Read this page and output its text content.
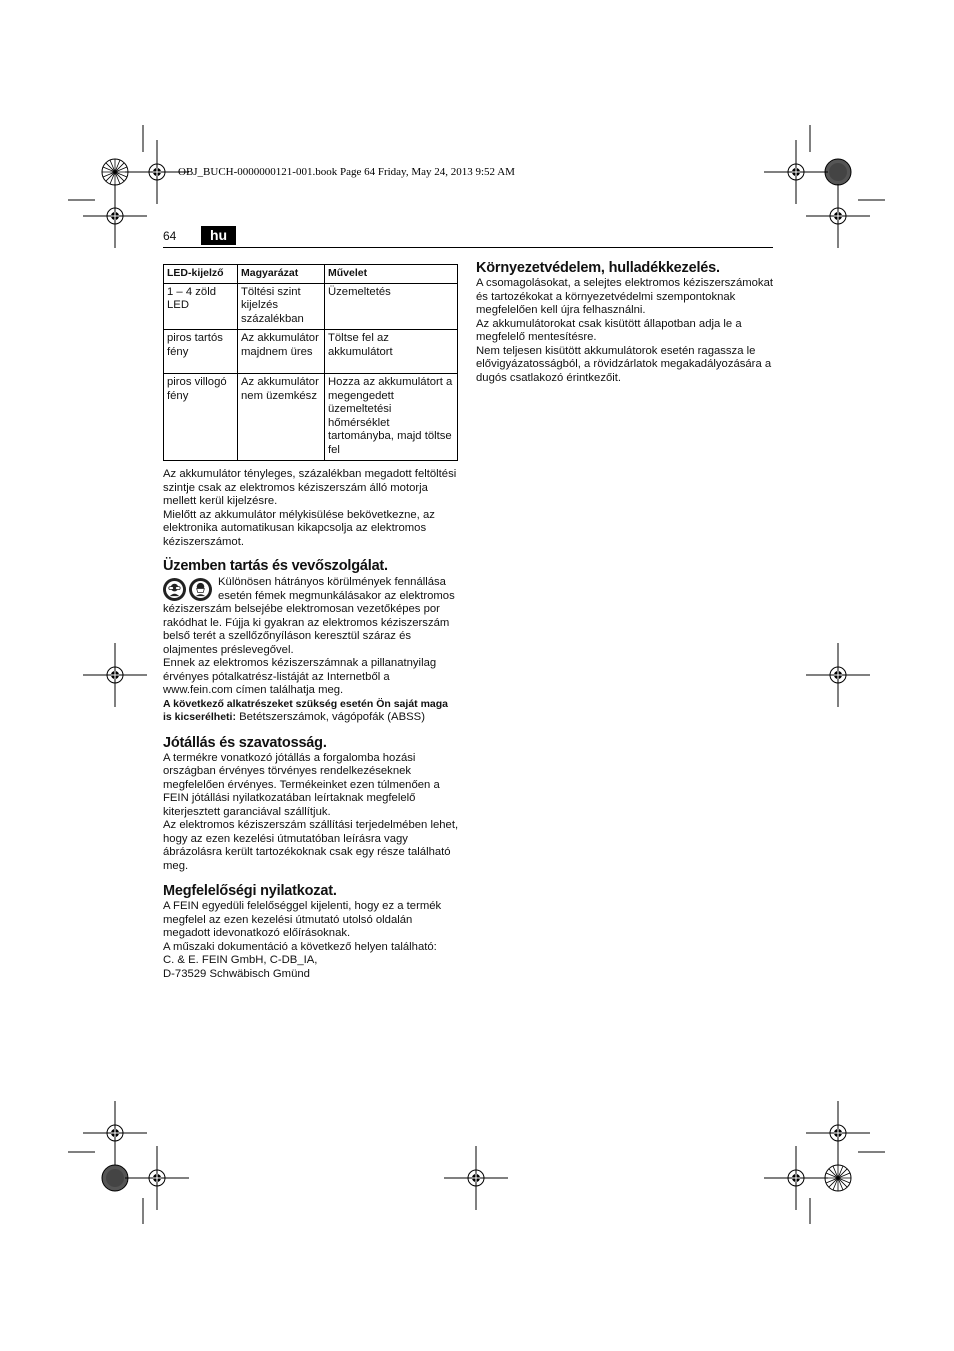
OBJ_BUCH-0000000121-001.book Page 64 Friday, May 24, 2013 9:52 AM
64	hu
LED-kijelző	Magyarázat	Művelet
1 – 4 zöld LED	Töltési szint kijelzés százalékban	Üzemeltetés
piros tartós fény	Az akkumulátor majdnem üres	Töltse fel az akkumulátort
piros villogó fény	Az akkumulátor nem üzemkész	Hozza az akkumulátort a megengedett üzemeltetési hőmérséklet tartományba, majd töltse fel

Az akkumulátor tényleges, százalékban megadott feltöltési szintje csak az elektromos kéziszerszám álló motorja mellett kerül kijelzésre.

Mielőtt az akkumulátor mélykisülése bekövetkezne, az elektronika automatikusan kikapcsolja az elektromos kéziszerszámot.

Üzemben tartás és vevőszolgálat.

Különösen hátrányos körülmények fennállása esetén fémek megmunkálásakor az elektromos kéziszerszám belsejébe elektromosan vezetőképes por rakódhat le. Fújja ki gyakran az elektromos kéziszerszám belső terét a szellőzőnyíláson keresztül száraz és olajmentes préslevegővel.

Ennek az elektromos kéziszerszámnak a pillanatnyilag érvényes pótalkatrész-listáját az Internetből a www.fein.com címen találhatja meg.

A következő alkatrészeket szükség esetén Ön saját maga is kicserélheti: Betétszerszámok, vágópofák (ABSS)

Jótállás és szavatosság.

A termékre vonatkozó jótállás a forgalomba hozási országban érvényes törvényes rendelkezéseknek megfelelően érvényes. Termékeinket ezen túlmenően a FEIN jótállási nyilatkozatában leírtaknak megfelelő kiterjesztett garanciával szállítjuk.

Az elektromos kéziszerszám szállítási terjedelmében lehet, hogy az ezen kezelési útmutatóban leírásra vagy ábrázolásra került tartozékoknak csak egy része található meg.

Megfelelőségi nyilatkozat.

A FEIN egyedüli felelőséggel kijelenti, hogy ez a termék megfelel az ezen kezelési útmutató utolsó oldalán megadott idevonatkozó előírásoknak.

A műszaki dokumentáció a következő helyen található:

C. & E. FEIN GmbH, C-DB_IA,

D-73529 Schwäbisch Gmünd

Környezetvédelem, hulladékkezelés.

A csomagolásokat, a selejtes elektromos kéziszerszámokat és tartozékokat a környezetvédelmi szempontoknak megfelelően kell újra felhasználni.

Az akkumulátorokat csak kisütött állapotban adja le a megfelelő mentesítésre.

Nem teljesen kisütött akkumulátorok esetén ragassza le elővigyázatosságból, a rövidzárlatok megakadályozására a dugós csatlakozó érintkezőit.
